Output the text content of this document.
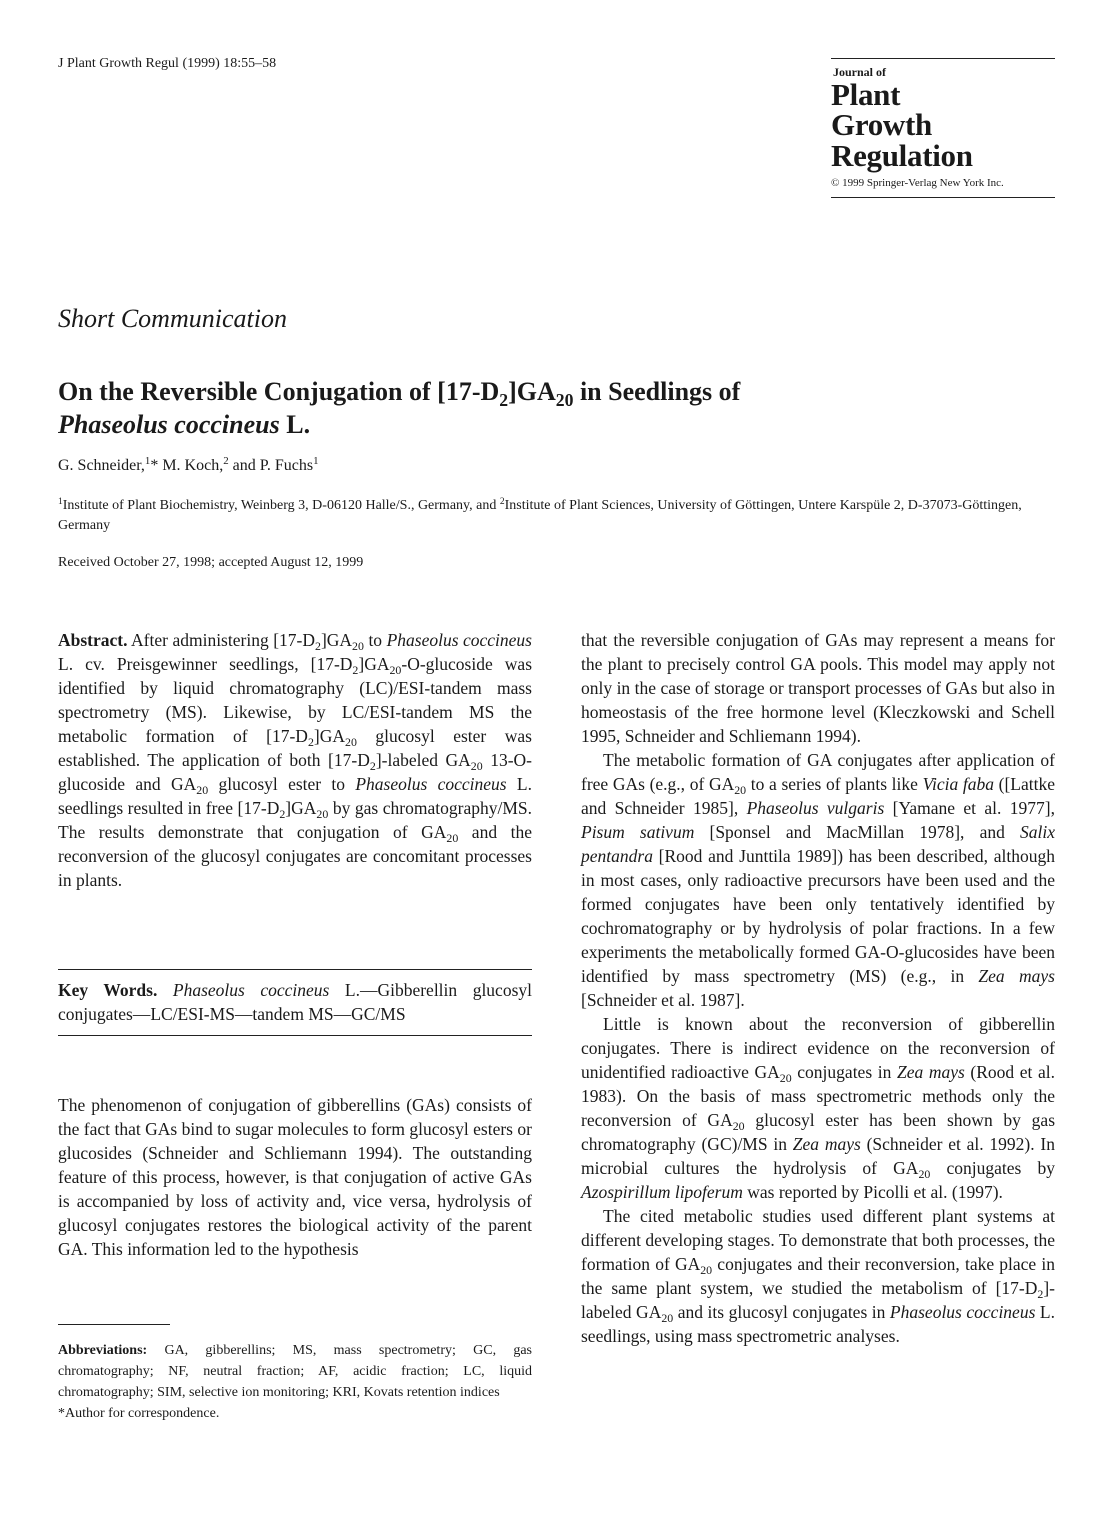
J Plant Growth Regul (1999) 18:55–58
Journal of
Plant
Growth
Regulation
© 1999 Springer-Verlag New York Inc.
Short Communication
On the Reversible Conjugation of $[17-D_2]GA_{20}$ in Seedlings of
Phaseolus coccineus L.
G. Schneider,$^1$* M. Koch,$^2$ and P. Fuchs$^1$
$^1$Institute of Plant Biochemistry, Weinberg 3, D-06120 Halle/S., Germany, and $^2$Institute of Plant Sciences, University of Göttingen, Untere Karspüle 2, D-37073-Göttingen, Germany
Received October 27, 1998; accepted August 12, 1999
Abstract. After administering $[17-D_2]GA_{20}$ to Phaseolus coccineus L. cv. Preisgewinner seedlings, $[17-D_2]GA_{20}-O$-glucoside was identified by liquid chromatography (LC)/ESI-tandem mass spectrometry (MS). Likewise, by LC/ESI-tandem MS the metabolic formation of $[17-D_2]GA_{20}$ glucosyl ester was established. The application of both $[17-D_2]$-labeled $GA_{20}$ 13-O-glucoside and $GA_{20}$ glucosyl ester to Phaseolus coccineus L. seedlings resulted in free $[17-D_2]GA_{20}$ by gas chromatography/MS. The results demonstrate that conjugation of $GA_{20}$ and the reconversion of the glucosyl conjugates are concomitant processes in plants.
Key Words. Phaseolus coccineus L.—Gibberellin glucosyl conjugates—LC/ESI-MS—tandem MS—GC/MS

The phenomenon of conjugation of gibberellins (GAs) consists of the fact that GAs bind to sugar molecules to form glucosyl esters or glucosides (Schneider and Schliemann 1994). The outstanding feature of this process, however, is that conjugation of active GAs is accompanied by loss of activity and, vice versa, hydrolysis of glucosyl conjugates restores the biological activity of the parent GA. This information led to the hypothesis

Abbreviations: GA, gibberellins; MS, mass spectrometry; GC, gas chromatography; NF, neutral fraction; AF, acidic fraction; LC, liquid chromatography; SIM, selective ion monitoring; KRI, Kovats retention indices

*Author for correspondence.

that the reversible conjugation of GAs may represent a means for the plant to precisely control GA pools. This model may apply not only in the case of storage or transport processes of GAs but also in homeostasis of the free hormone level (Kleczkowski and Schell 1995, Schneider and Schliemann 1994).

The metabolic formation of GA conjugates after application of free GAs (e.g., of $GA_{20}$ to a series of plants like Vicia faba ([Lattke and Schneider 1985], Phaseolus vulgaris [Yamane et al. 1977], Pisum sativum [Sponsel and MacMillan 1978], and Salix pentandra [Rood and Junttila 1989]) has been described, although in most cases, only radioactive precursors have been used and the formed conjugates have been only tentatively identified by cochromatography or by hydrolysis of polar fractions. In a few experiments the metabolically formed GA-O-glucosides have been identified by mass spectrometry (MS) (e.g., in Zea mays [Schneider et al. 1987].

Little is known about the reconversion of gibberellin conjugates. There is indirect evidence on the reconversion of unidentified radioactive $GA_{20}$ conjugates in Zea mays (Rood et al. 1983). On the basis of mass spectrometric methods only the reconversion of $GA_{20}$ glucosyl ester has been shown by gas chromatography (GC)/MS in Zea mays (Schneider et al. 1992). In microbial cultures the hydrolysis of $GA_{20}$ conjugates by Azospirillum lipoferum was reported by Picolli et al. (1997).

The cited metabolic studies used different plant systems at different developing stages. To demonstrate that both processes, the formation of $GA_{20}$ conjugates and their reconversion, take place in the same plant system, we studied the metabolism of $[17-D_2]$-labeled $GA_{20}$ and its glucosyl conjugates in Phaseolus coccineus L. seedlings, using mass spectrometric analyses.
